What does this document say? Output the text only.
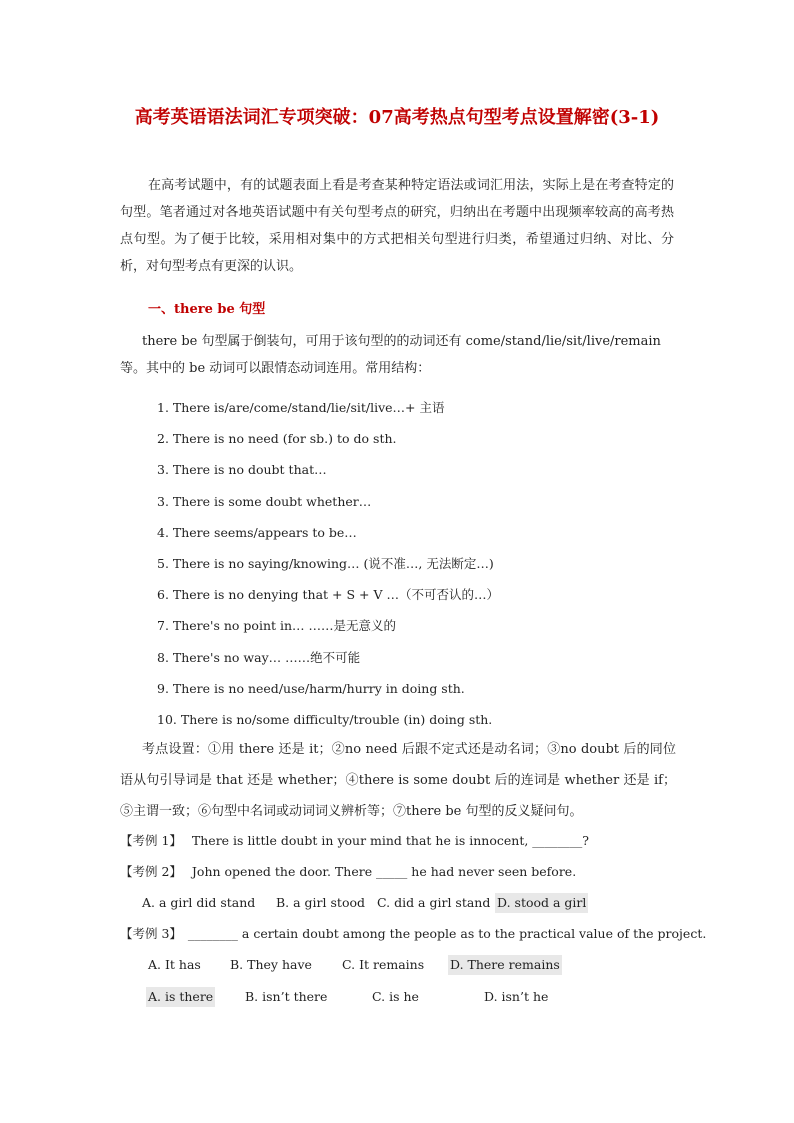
高考英语语法词汇专项突破：07高考热点句型考点设置解密(3-1)

在高考试题中，有的试题表面上看是考查某种特定语法或词汇用法，实际上是在考查特定的句型。笔者通过对各地英语试题中有关句型考点的研究，归纳出在考题中出现频率较高的高考热点句型。为了便于比较，采用相对集中的方式把相关句型进行归类，希望通过归纳、对比、分析，对句型考点有更深的认识。

一、there be 句型

there be 句型属于倒装句，可用于该句型的的动词还有 come/stand/lie/sit/live/remain 等。其中的 be 动词可以跟情态动词连用。常用结构：

1. There is/are/come/stand/lie/sit/live…+ 主语
2. There is no need (for sb.) to do sth.
3. There is no doubt that…
3. There is some doubt whether…
4. There seems/appears to be…
5. There is no saying/knowing… (说不准…, 无法断定…)
6. There is no denying that + S + V …（不可否认的…）
7. There's no point in… ……是无意义的
8. There's no way… ……绝不可能
9. There is no need/use/harm/hurry in doing sth.
10. There is no/some difficulty/trouble (in) doing sth.

考点设置：①用 there 还是 it；②no need 后跟不定式还是动名词；③no doubt 后的同位语从句引导词是 that 还是 whether；④there is some doubt 后的连词是 whether 还是 if；⑤主谓一致；⑥句型中名词或动词词义辨析等；⑦there be 句型的反义疑问句。

【考例 1】 There is little doubt in your mind that he is innocent, ________?
【考例 2】 John opened the door. There _____ he had never seen before.
A. a girl did stand B. a girl stood C. did a girl stand D. stood a girl
【考例 3】 ________ a certain doubt among the people as to the practical value of the project.
A. It has B. They have C. It remains D. There remains
A. is there	B. isn’t there	C. is he	D. isn’t he
